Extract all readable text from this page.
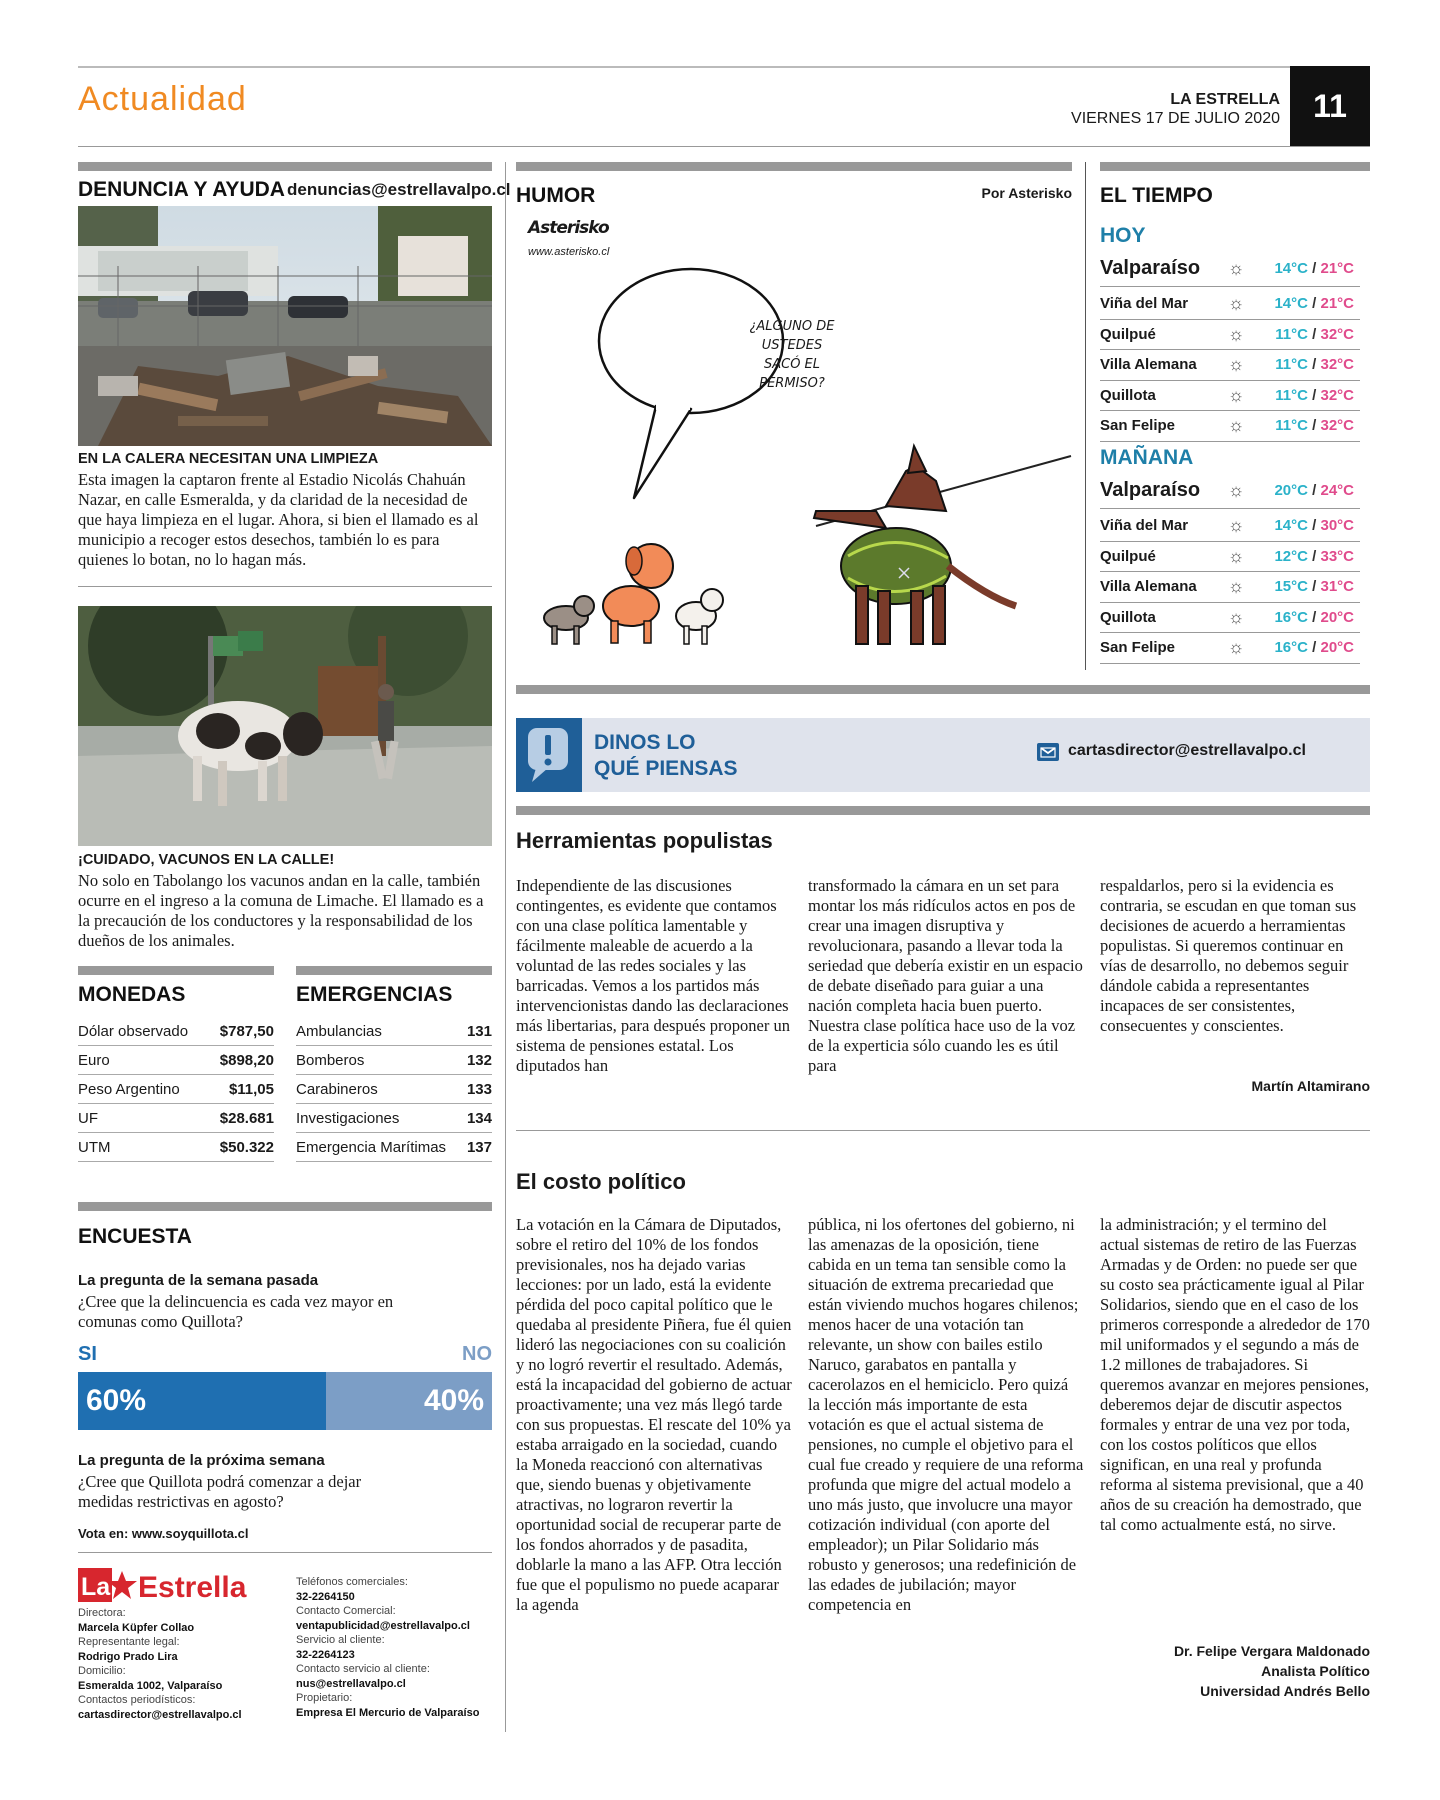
Actualidad	LA ESTRELLA
VIERNES 17 DE JULIO 2020	11
DENUNCIA Y AYUDA denuncias@estrellavalpo.cl
EN LA CALERA NECESITAN UNA LIMPIEZA
Esta imagen la captaron frente al Estadio Nicolás Chahuán Nazar, en calle Esmeralda, y da claridad de la necesidad de que haya limpieza en el lugar. Ahora, si bien el llamado es al municipio a recoger estos desechos, también lo es para quienes lo botan, no lo hagan más.
¡CUIDADO, VACUNOS EN LA CALLE!
No solo en Tabolango los vacunos andan en la calle, también ocurre en el ingreso a la comuna de Limache. El llamado es a la precaución de los conductores y la responsabilidad de los dueños de los animales.
MONEDAS
Dólar observado	$787,50
Euro	$898,20
Peso Argentino	$11,05
UF	$28.681
UTM	$50.322
EMERGENCIAS
Ambulancias	131
Bomberos	132
Carabineros	133
Investigaciones	134
Emergencia Marítimas	137
ENCUESTA
La pregunta de la semana pasada
¿Cree que la delincuencia es cada vez mayor en comunas como Quillota?
SI	NO
60%	40%
La pregunta de la próxima semana
¿Cree que Quillota podrá comenzar a dejar medidas restrictivas en agosto?
Vota en: www.soyquillota.cl
La Estrella
Directora:
Marcela Küpfer Collao
Representante legal:
Rodrigo Prado Lira
Domicilio:
Esmeralda 1002, Valparaíso
Contactos periodísticos:
cartasdirector@estrellavalpo.cl
Teléfonos comerciales:
32-2264150
Contacto Comercial:
ventapublicidad@estrellavalpo.cl
Servicio al cliente:
32-2264123
Contacto servicio al cliente:
nus@estrellavalpo.cl
Propietario:
Empresa El Mercurio de Valparaíso
HUMOR	Por Asterisko
Asterisko
www.asterisko.cl
¿ALGUNO DE USTEDES SACÓ EL PERMISO?
EL TIEMPO
HOY
Valparaíso	☼ 14°C / 21°C
Viña del Mar	☼ 14°C / 21°C
Quilpué	☼ 11°C / 32°C
Villa Alemana	☼ 11°C / 32°C
Quillota	☼ 11°C / 32°C
San Felipe	☼ 11°C / 32°C
MAÑANA
Valparaíso	☼ 20°C / 24°C
Viña del Mar	☼ 14°C / 30°C
Quilpué	☼ 12°C / 33°C
Villa Alemana	☼ 15°C / 31°C
Quillota	☼ 16°C / 20°C
San Felipe	☼ 16°C / 20°C
DINOS LO
QUÉ PIENSAS
cartasdirector@estrellavalpo.cl
Herramientas populistas
Independiente de las discusiones contingentes, es evidente que contamos con una clase política lamentable y fácilmente maleable de acuerdo a la voluntad de las redes sociales y las barricadas. Vemos a los partidos más intervencionistas dando las declaraciones más libertarias, para después proponer un sistema de pensiones estatal. Los diputados han
transformado la cámara en un set para montar los más ridículos actos en pos de crear una imagen disruptiva y revolucionara, pasando a llevar toda la seriedad que debería existir en un espacio de debate diseñado para guiar a una nación completa hacia buen puerto. Nuestra clase política hace uso de la voz de la experticia sólo cuando les es útil para
respaldarlos, pero si la evidencia es contraria, se escudan en que toman sus decisiones de acuerdo a herramientas populistas. Si queremos continuar en vías de desarrollo, no debemos seguir dándole cabida a representantes incapaces de ser consistentes, consecuentes y conscientes.
Martín Altamirano
El costo político
La votación en la Cámara de Diputados, sobre el retiro del 10% de los fondos previsionales, nos ha dejado varias lecciones: por un lado, está la evidente pérdida del poco capital político que le quedaba al presidente Piñera, fue él quien lideró las negociaciones con su coalición y no logró revertir el resultado. Además, está la incapacidad del gobierno de actuar proactivamente; una vez más llegó tarde con sus propuestas. El rescate del 10% ya estaba arraigado en la sociedad, cuando la Moneda reaccionó con alternativas que, siendo buenas y objetivamente atractivas, no lograron revertir la oportunidad social de recuperar parte de los fondos ahorrados y de pasadita, doblarle la mano a las AFP. Otra lección fue que el populismo no puede acaparar la agenda
pública, ni los ofertones del gobierno, ni las amenazas de la oposición, tiene cabida en un tema tan sensible como la situación de extrema precariedad que están viviendo muchos hogares chilenos; menos hacer de una votación tan relevante, un show con bailes estilo Naruco, garabatos en pantalla y cacerolazos en el hemiciclo. Pero quizá la lección más importante de esta votación es que el actual sistema de pensiones, no cumple el objetivo para el cual fue creado y requiere de una reforma profunda que migre del actual modelo a uno más justo, que involucre una mayor cotización individual (con aporte del empleador); un Pilar Solidario más robusto y generosos; una redefinición de las edades de jubilación; mayor competencia en
la administración; y el termino del actual sistemas de retiro de las Fuerzas Armadas y de Orden: no puede ser que su costo sea prácticamente igual al Pilar Solidarios, siendo que en el caso de los primeros corresponde a alrededor de 170 mil uniformados y el segundo a más de 1.2 millones de trabajadores. Si queremos avanzar en mejores pensiones, deberemos dejar de discutir aspectos formales y entrar de una vez por toda, con los costos políticos que ellos significan, en una real y profunda reforma al sistema previsional, que a 40 años de su creación ha demostrado, que tal como actualmente está, no sirve.
Dr. Felipe Vergara Maldonado
Analista Político
Universidad Andrés Bello
